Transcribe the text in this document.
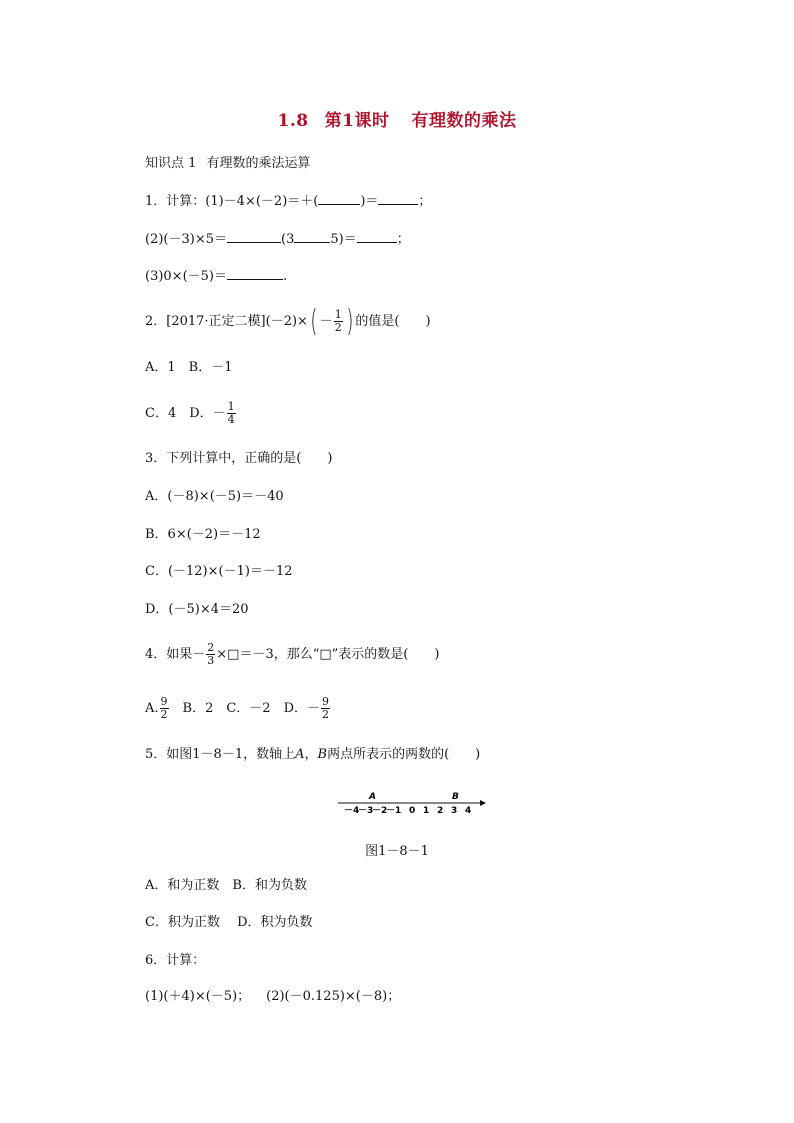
1.8 第1课时 有理数的乘法
知识点 1 有理数的乘法运算
1．计算：(1)－4×(－2)＝＋(	)＝	；
(2)(－3)×5＝	(3	5)＝	；
(3)0×(－5)＝	.
2．[2017·正定二模]$(-2)\times( - \frac{1}{2}$ ) 的值是(　　)
A．1　B．－1
C．4　D．－ $\frac{1}{4}$
3．下列计算中，正确的是(　　)
A．(－8)×(－5)＝－40
B．6×(－2)＝－12
C．(－12)×(－1)＝－12
D．(－5)×4＝20
4．如果－ $\frac{2}{3}$ ×□＝－3，那么“□”表示的数是(　　)
A. $\frac{9}{2}$ 　B．2　C．－2　D．－ $\frac{9}{2}$
5．如图1－8－1，数轴上A，B两点所表示的两数的(　　)
A	B
－4
－3
－2
－1 0 1 2 3 4
图1－8－1
A．和为正数　B．和为负数
C．积为正数　 D．积为负数
6．计算：
(1)(＋4)×(－5)； (2)(－0.125)×(－8)；
